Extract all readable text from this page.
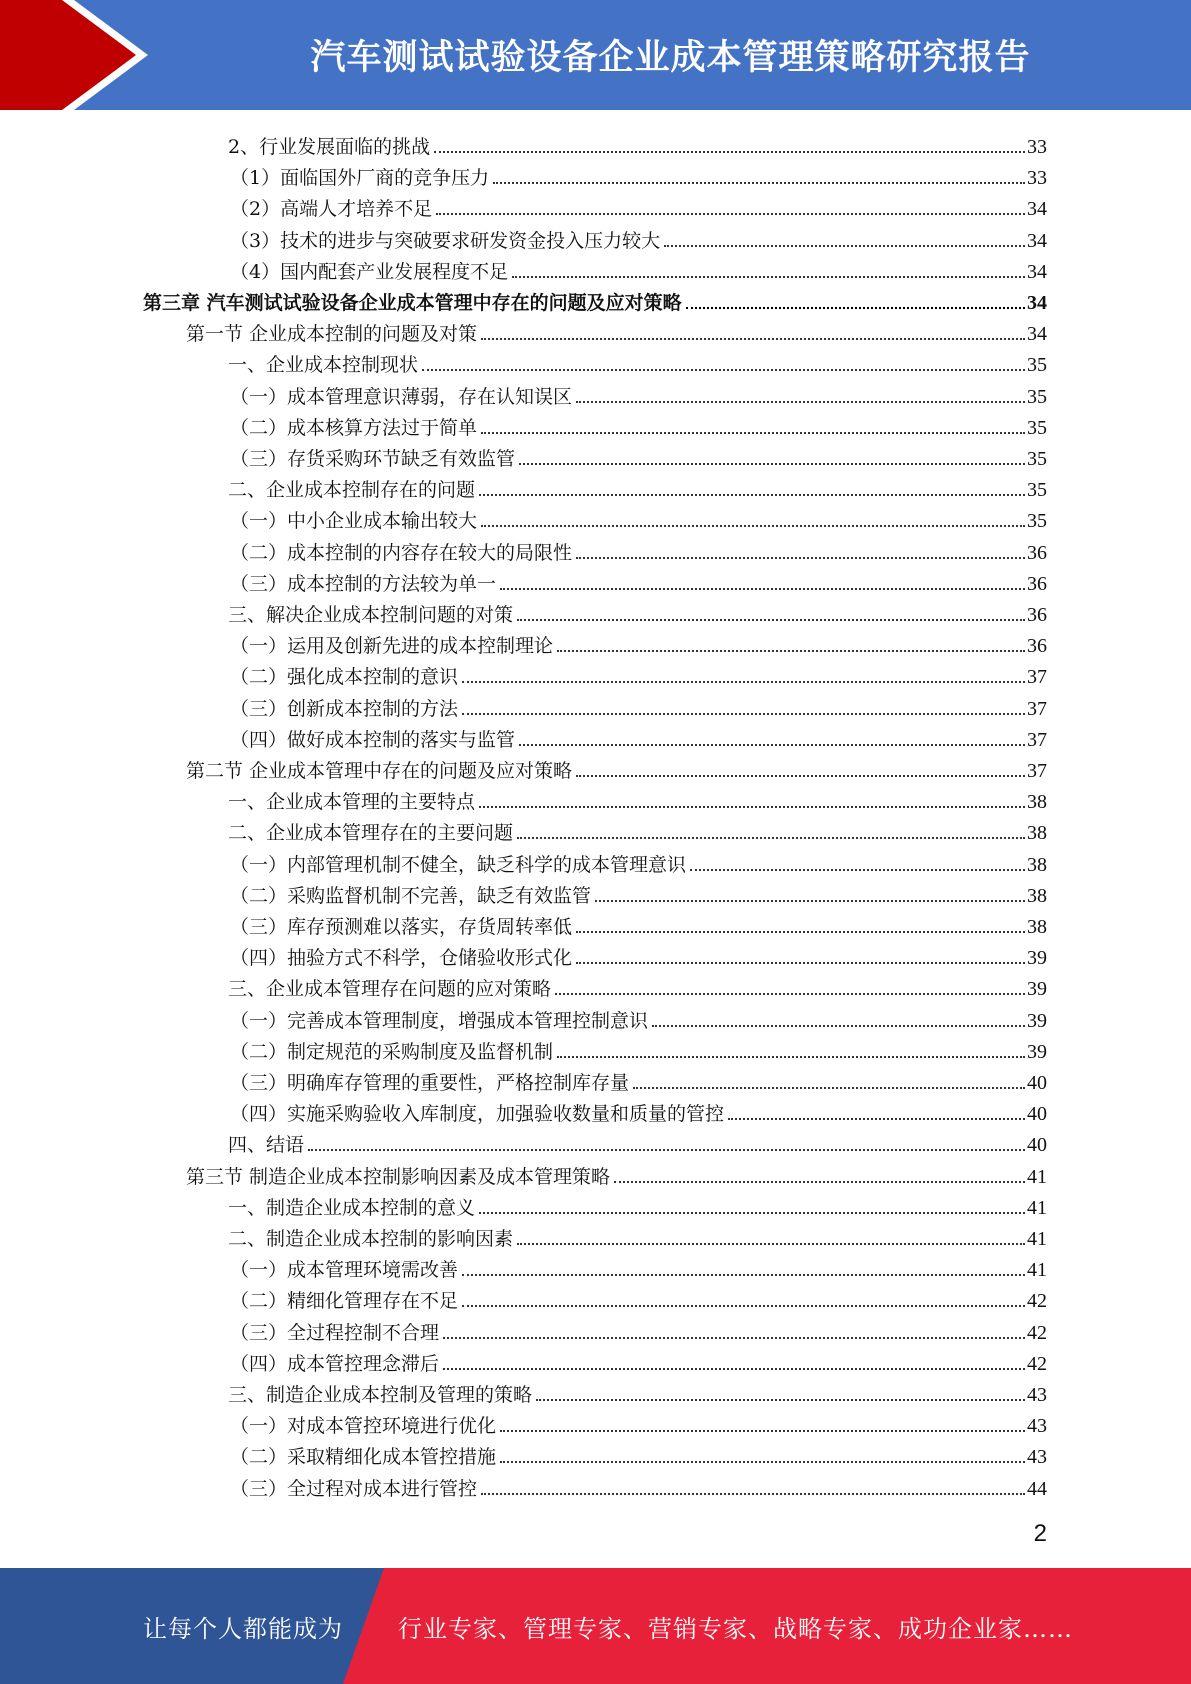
汽车测试试验设备企业成本管理策略研究报告
2、行业发展面临的挑战	33
（1）面临国外厂商的竞争压力	33
（2）高端人才培养不足	34
（3）技术的进步与突破要求研发资金投入压力较大	34
（4）国内配套产业发展程度不足	34
第三章 汽车测试试验设备企业成本管理中存在的问题及应对策略	34
第一节 企业成本控制的问题及对策	34
一、企业成本控制现状	35
（一）成本管理意识薄弱，存在认知误区	35
（二）成本核算方法过于简单	35
（三）存货采购环节缺乏有效监管	35
二、企业成本控制存在的问题	35
（一）中小企业成本输出较大	35
（二）成本控制的内容存在较大的局限性	36
（三）成本控制的方法较为单一	36
三、解决企业成本控制问题的对策	36
（一）运用及创新先进的成本控制理论	36
（二）强化成本控制的意识	37
（三）创新成本控制的方法	37
（四）做好成本控制的落实与监管	37
第二节 企业成本管理中存在的问题及应对策略	37
一、企业成本管理的主要特点	38
二、企业成本管理存在的主要问题	38
（一）内部管理机制不健全，缺乏科学的成本管理意识	38
（二）采购监督机制不完善，缺乏有效监管	38
（三）库存预测难以落实，存货周转率低	38
（四）抽验方式不科学，仓储验收形式化	39
三、企业成本管理存在问题的应对策略	39
（一）完善成本管理制度，增强成本管理控制意识	39
（二）制定规范的采购制度及监督机制	39
（三）明确库存管理的重要性，严格控制库存量	40
（四）实施采购验收入库制度，加强验收数量和质量的管控	40
四、结语	40
第三节 制造企业成本控制影响因素及成本管理策略	41
一、制造企业成本控制的意义	41
二、制造企业成本控制的影响因素	41
（一）成本管理环境需改善	41
（二）精细化管理存在不足	42
（三）全过程控制不合理	42
（四）成本管控理念滞后	42
三、制造企业成本控制及管理的策略	43
（一）对成本管控环境进行优化	43
（二）采取精细化成本管控措施	43
（三）全过程对成本进行管控	44
2
让每个人都能成为 行业专家、管理专家、营销专家、战略专家、成功企业家……
